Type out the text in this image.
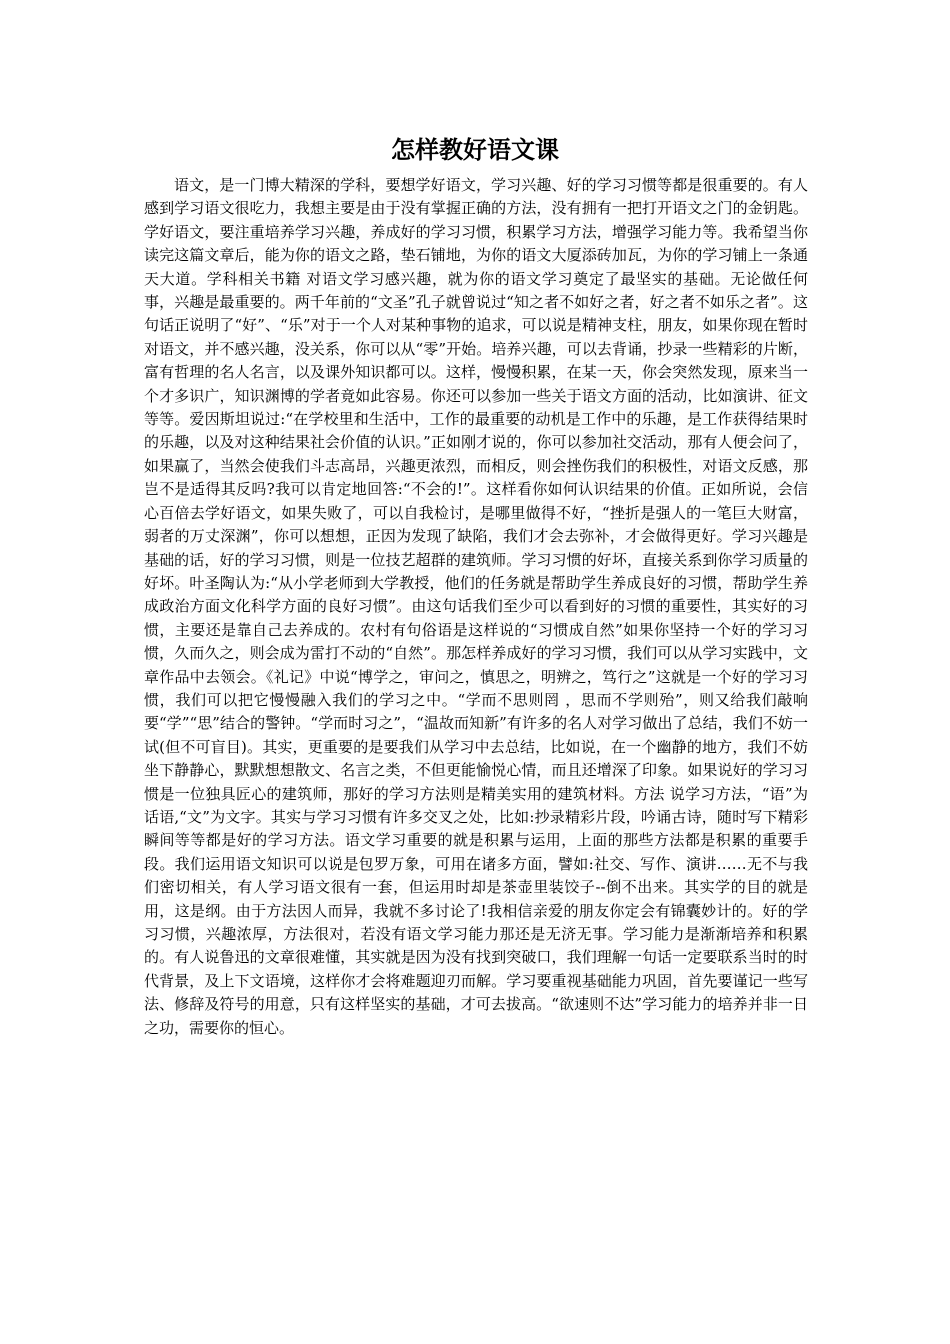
怎样教好语文课

语文，是一门博大精深的学科，要想学好语文，学习兴趣、好的学习习惯等都是很重要的。有人感到学习语文很吃力，我想主要是由于没有掌握正确的方法，没有拥有一把打开语文之门的金钥匙。学好语文，要注重培养学习兴趣，养成好的学习习惯，积累学习方法，增强学习能力等。我希望当你读完这篇文章后，能为你的语文之路，垫石铺地，为你的语文大厦添砖加瓦，为你的学习铺上一条通天大道。学科相关书籍 对语文学习感兴趣，就为你的语文学习奠定了最坚实的基础。无论做任何事，兴趣是最重要的。两千年前的“文圣”孔子就曾说过“知之者不如好之者，好之者不如乐之者”。这句话正说明了“好”、“乐”对于一个人对某种事物的追求，可以说是精神支柱，朋友，如果你现在暂时对语文，并不感兴趣，没关系，你可以从“零”开始。培养兴趣，可以去背诵，抄录一些精彩的片断，富有哲理的名人名言，以及课外知识都可以。这样，慢慢积累，在某一天，你会突然发现，原来当一个才多识广，知识渊博的学者竟如此容易。你还可以参加一些关于语文方面的活动，比如演讲、征文等等。爱因斯坦说过:“在学校里和生活中，工作的最重要的动机是工作中的乐趣，是工作获得结果时的乐趣，以及对这种结果社会价值的认识。”正如刚才说的，你可以参加社交活动，那有人便会问了，如果赢了，当然会使我们斗志高昂，兴趣更浓烈，而相反，则会挫伤我们的积极性，对语文反感，那岂不是适得其反吗?我可以肯定地回答:“不会的!”。这样看你如何认识结果的价值。正如所说，会信心百倍去学好语文，如果失败了，可以自我检讨，是哪里做得不好，“挫折是强人的一笔巨大财富，弱者的万丈深渊”，你可以想想，正因为发现了缺陷，我们才会去弥补，才会做得更好。学习兴趣是基础的话，好的学习习惯，则是一位技艺超群的建筑师。学习习惯的好坏，直接关系到你学习质量的好坏。叶圣陶认为:“从小学老师到大学教授，他们的任务就是帮助学生养成良好的习惯，帮助学生养成政治方面文化科学方面的良好习惯”。由这句话我们至少可以看到好的习惯的重要性，其实好的习惯，主要还是靠自己去养成的。农村有句俗语是这样说的“习惯成自然”如果你坚持一个好的学习习惯，久而久之，则会成为雷打不动的“自然”。那怎样养成好的学习习惯，我们可以从学习实践中，文章作品中去领会。《礼记》中说“博学之，审问之，慎思之，明辨之，笃行之”这就是一个好的学习习惯，我们可以把它慢慢融入我们的学习之中。“学而不思则罔 ，思而不学则殆”，则又给我们敲响要“学”“思”结合的警钟。“学而时习之”，“温故而知新”有许多的名人对学习做出了总结，我们不妨一试(但不可盲目)。其实，更重要的是要我们从学习中去总结，比如说，在一个幽静的地方，我们不妨坐下静静心，默默想想散文、名言之类，不但更能愉悦心情，而且还增深了印象。如果说好的学习习惯是一位独具匠心的建筑师，那好的学习方法则是精美实用的建筑材料。方法 说学习方法，“语”为话语,“文”为文字。其实与学习习惯有许多交叉之处，比如:抄录精彩片段，吟诵古诗，随时写下精彩瞬间等等都是好的学习方法。语文学习重要的就是积累与运用，上面的那些方法都是积累的重要手段。我们运用语文知识可以说是包罗万象，可用在诸多方面，譬如:社交、写作、演讲……无不与我们密切相关，有人学习语文很有一套，但运用时却是茶壶里装饺子--倒不出来。其实学的目的就是用，这是纲。由于方法因人而异，我就不多讨论了!我相信亲爱的朋友你定会有锦囊妙计的。好的学习习惯，兴趣浓厚，方法很对，若没有语文学习能力那还是无济无事。学习能力是渐渐培养和积累的。有人说鲁迅的文章很难懂，其实就是因为没有找到突破口，我们理解一句话一定要联系当时的时代背景，及上下文语境，这样你才会将难题迎刃而解。学习要重视基础能力巩固，首先要谨记一些写法、修辞及符号的用意，只有这样坚实的基础，才可去拔高。“欲速则不达”学习能力的培养并非一日之功，需要你的恒心。
